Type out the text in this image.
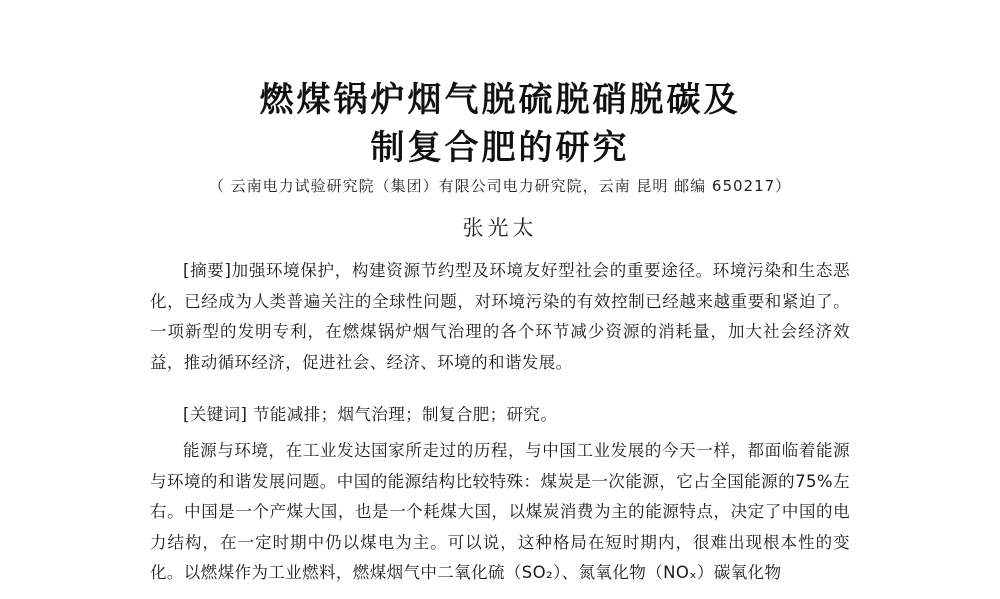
燃煤锅炉烟气脱硫脱硝脱碳及
制复合肥的研究
（ 云南电力试验研究院（集团）有限公司电力研究院，云南 昆明 邮编 650217）
张光太

[摘要]加强环境保护，构建资源节约型及环境友好型社会的重要途径。环境污染和生态恶化，已经成为人类普遍关注的全球性问题，对环境污染的有效控制已经越来越重要和紧迫了。一项新型的发明专利，在燃煤锅炉烟气治理的各个环节减少资源的消耗量，加大社会经济效益，推动循环经济，促进社会、经济、环境的和谐发展。

[关键词] 节能减排；烟气治理；制复合肥；研究。

能源与环境，在工业发达国家所走过的历程，与中国工业发展的今天一样，都面临着能源与环境的和谐发展问题。中国的能源结构比较特殊：煤炭是一次能源，它占全国能源的75%左右。中国是一个产煤大国，也是一个耗煤大国，以煤炭消费为主的能源特点，决定了中国的电力结构，在一定时期中仍以煤电为主。可以说，这种格局在短时期内，很难出现根本性的变化。以燃煤作为工业燃料，燃煤烟气中二氧化硫（SO₂）、氮氧化物（NOₓ）碳氧化物
